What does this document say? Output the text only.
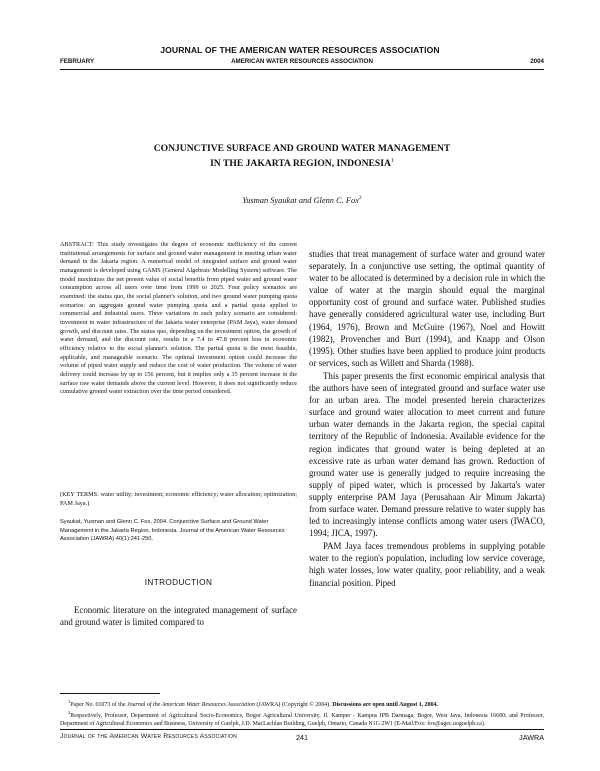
JOURNAL OF THE AMERICAN WATER RESOURCES ASSOCIATION
FEBRUARY	AMERICAN WATER RESOURCES ASSOCIATION	2004
CONJUNCTIVE SURFACE AND GROUND WATER MANAGEMENT
IN THE JAKARTA REGION, INDONESIA$^1$
Yusman Syaukat and Glenn C. Fox$^2$
ABSTRACT: This study investigates the degree of economic inefficiency of the current institutional arrangements for surface and ground water management in meeting urban water demand in the Jakarta region. A numerical model of integrated surface and ground water management is developed using GAMS (General Algebraic Modelling System) software. The model maximizes the net present value of social benefits from piped water and ground water consumption across all users over time from 1999 to 2025. Four policy scenarios are examined: the status quo, the social planner's solution, and two ground water pumping quota scenarios: an aggregate ground water pumping quota and a partial quota applied to commercial and industrial users. Three variations in each policy scenario are considered: investment in water infrastructure of the Jakarta water enterprise (PAM Jaya), water demand growth, and discount rates. The status quo, depending on the investment option, the growth of water demand, and the discount rate, results in a 7.4 to 47.8 percent loss in economic efficiency relative to the social planner's solution. The partial quota is the most feasible, applicable, and manageable scenario. The optimal investment option could increase the volume of piped water supply and reduce the cost of water production. The volume of water delivery could increase by up to 156 percent, but it implies only a 35 percent increase in the surface raw water demands above the current level. However, it does not significantly reduce cumulative ground water extraction over the time period considered.
(KEY TERMS: water utility; investment; economic efficiency; water allocation; optimization; PAM Jaya.)
Syaukat, Yusman and Glenn C. Fox, 2004. Conjunctive Surface and Ground Water Management in the Jakarta Region, Indonesia. Journal of the American Water Resources Association (JAWRA) 40(1):241-250.
INTRODUCTION
Economic literature on the integrated management of surface and ground water is limited compared to

studies that treat management of surface water and ground water separately. In a conjunctive use setting, the optimal quantity of water to be allocated is determined by a decision rule in which the value of water at the margin should equal the marginal opportunity cost of ground and surface water. Published studies have generally considered agricultural water use, including Burt (1964, 1976), Brown and McGuire (1967), Noel and Howitt (1982), Provencher and Burt (1994), and Knapp and Olson (1995). Other studies have been applied to produce joint products or services, such as Willett and Sharda (1988).

This paper presents the first economic empirical analysis that the authors have seen of integrated ground and surface water use for an urban area. The model presented herein characterizes surface and ground water allocation to meet current and future urban water demands in the Jakarta region, the special capital territory of the Republic of Indonesia. Available evidence for the region indicates that ground water is being depleted at an excessive rate as urban water demand has grown. Reduction of ground water use is generally judged to require increasing the supply of piped water, which is processed by Jakarta's water supply enterprise PAM Jaya (Perusahaan Air Minum Jakarta) from surface water. Demand pressure relative to water supply has led to increasingly intense conflicts among water users (IWACO, 1994; JICA, 1997).

PAM Jaya faces tremendous problems in supplying potable water to the region's population, including low service coverage, high water losses, low water quality, poor reliability, and a weak financial position. Piped

$^1$Paper No. 01073 of the Journal of the American Water Resources Association (JAWRA) (Copyright © 2004). Discussions are open until August 1, 2004.

$^2$Respectively, Professor, Department of Agricultural Socio-Economics, Bogor Agricultural University, Jl. Kamper - Kampus IPB Darmaga, Bogor, West Java, Indonesia 16680; and Professor, Department of Agricultural Economics and Business, University of Guelph, J.D. MacLachlan Building, Guelph, Ontario, Canada N1G 2W1 (E-Mail/Fox: fox@agec.uoguelph.ca).

Journal of the American Water Resources Association	241	JAWRA
